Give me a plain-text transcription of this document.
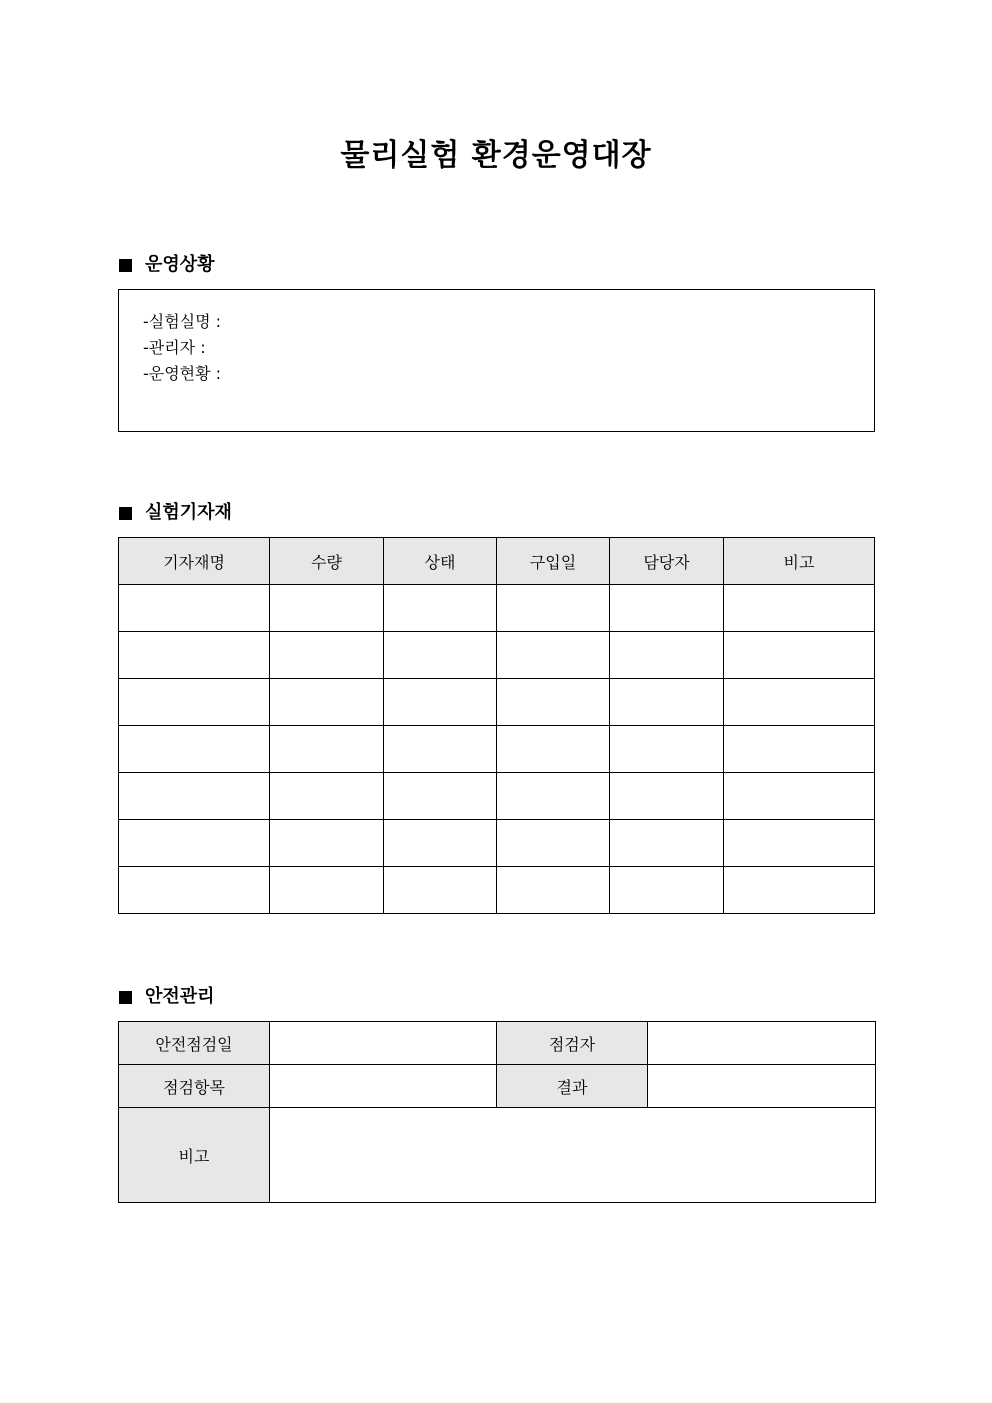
물리실험 환경운영대장
운영상황
-실험실명 :
-관리자 :
-운영현황 :
실험기자재
기자재명	수량	상태	구입일	담당자	비고

안전관리
안전점검일		점검자	
점검항목		결과	
비고			
